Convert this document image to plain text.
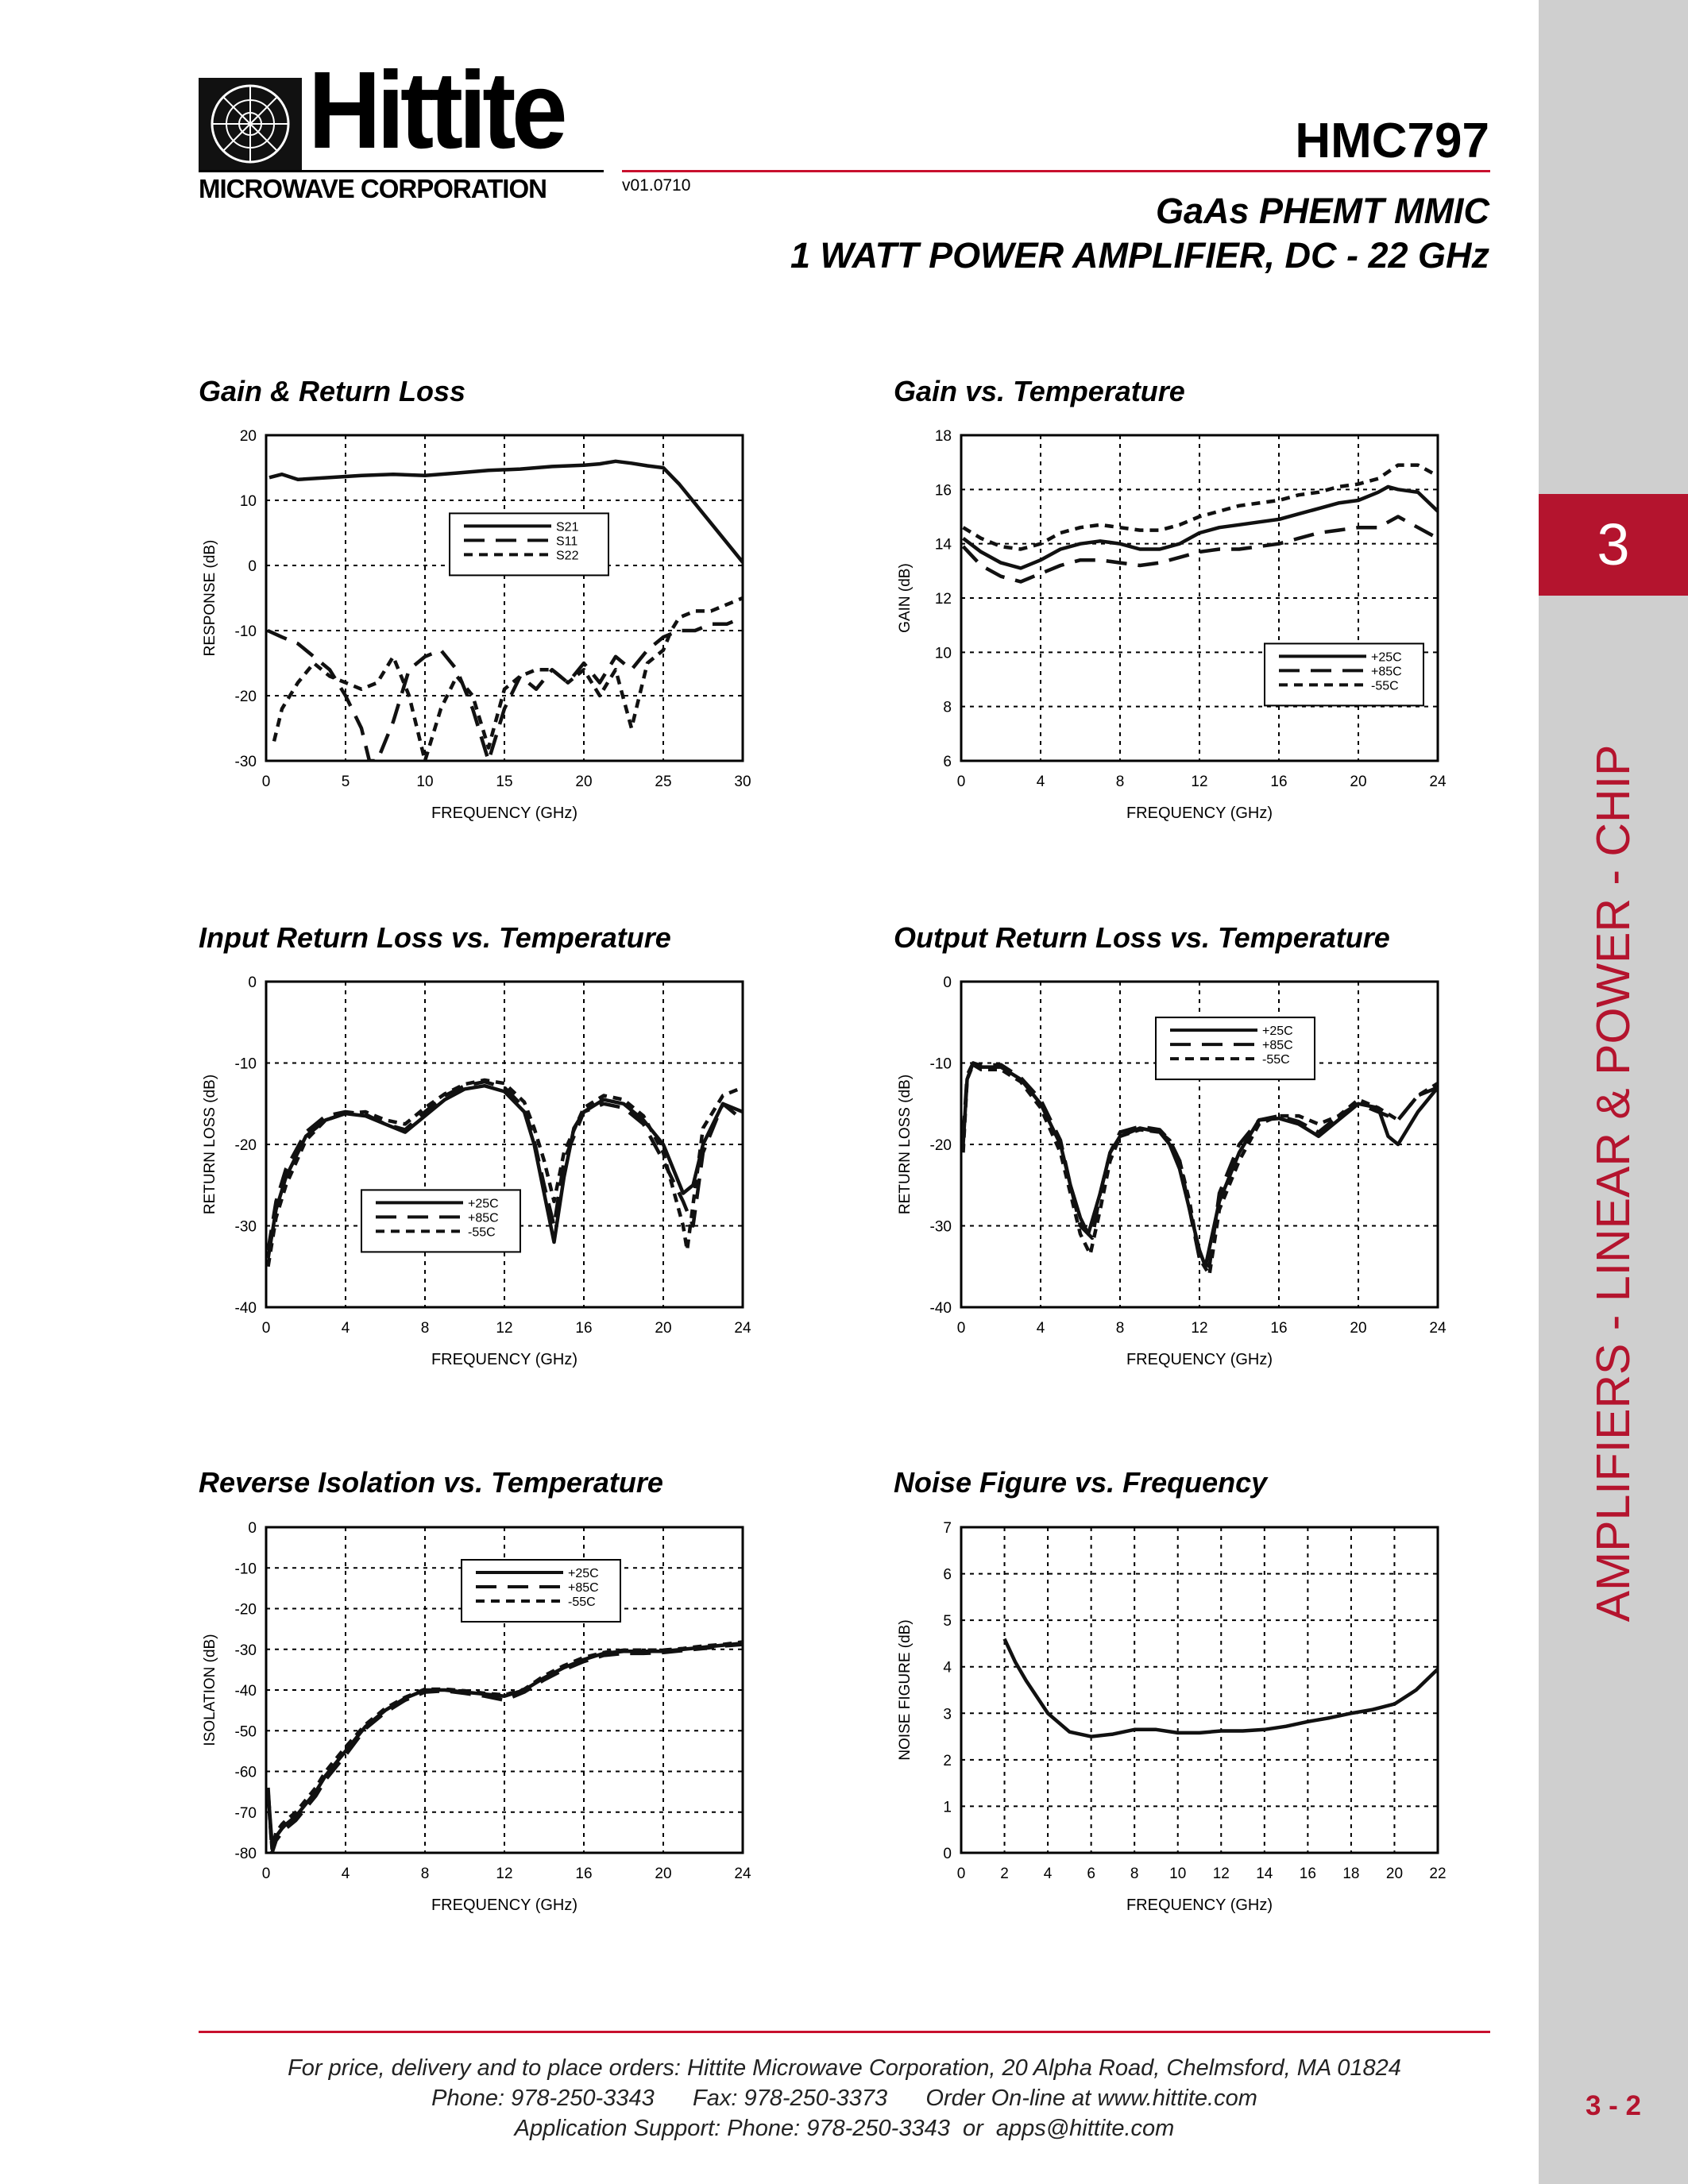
Hittite
MICROWAVE CORPORATION	v01.0710
HMC797
GaAs PHEMT MMIC
1 WATT POWER AMPLIFIER, DC - 22 GHz
3
AMPLIFIERS - LINEAR & POWER - CHIP
Gain & Return Loss	Gain vs. Temperature
Input Return Loss vs. Temperature	Output Return Loss vs. Temperature
Reverse Isolation vs. Temperature	Noise Figure vs. Frequency
0	5	10	15	20	25	30
-30
-20
-10
0
10
20
FREQUENCY (GHz)
RESPONSE (dB)
S21
S11
S22
0	4	8	12	16	20	24
6
8
10
12
14
16
18
FREQUENCY (GHz)
GAIN (dB)
+25C
+85C
-55C
0	4	8	12	16	20	24
-40
-30
-20
-10
0
FREQUENCY (GHz)
RETURN LOSS (dB)	+25C
+85C
-55C
0	4	8	12	16	20	24
-40
-30
-20
-10
0
FREQUENCY (GHz)
RETURN LOSS (dB)
+25C
+85C
-55C
0	4	8	12	16	20	24
-80
-70
-60
-50
-40
-30
-20
-10
0
FREQUENCY (GHz)
ISOLATION (dB)
+25C
+85C
-55C
0 2 4 6 8 10 12 14 16 18 20 22
0
1
2
3
4
5
6
7
FREQUENCY (GHz)
NOISE FIGURE (dB)
For price, delivery and to place orders: Hittite Microwave Corporation, 20 Alpha Road, Chelmsford, MA 01824
Phone: 978-250-3343      Fax: 978-250-3373      Order On-line at www.hittite.com
Application Support: Phone: 978-250-3343  or  apps@hittite.com
3 - 2
